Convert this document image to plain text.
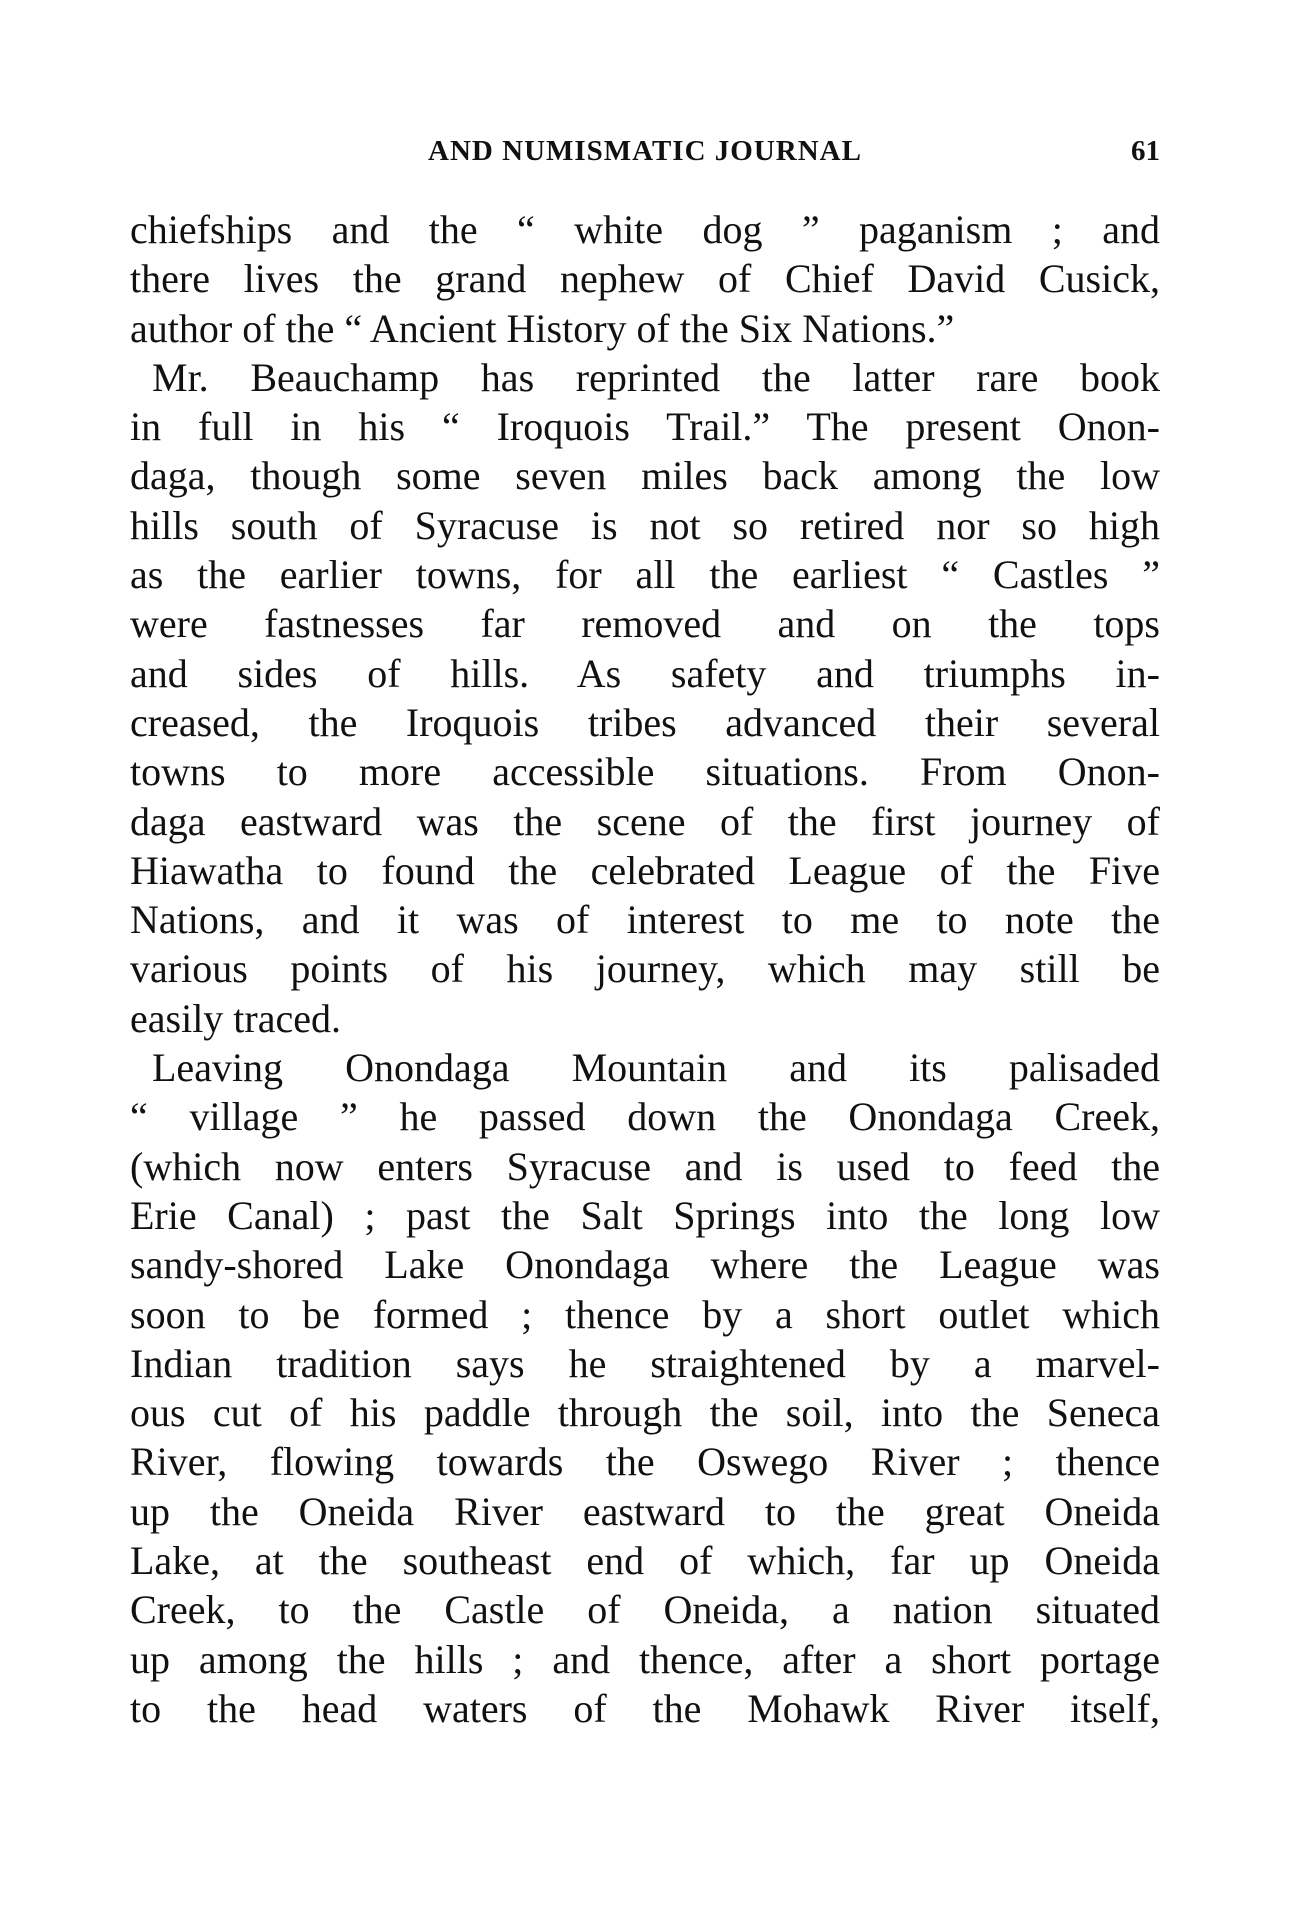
AND NUMISMATIC JOURNAL	61
chiefships and the “ white dog ” paganism ; and
there lives the grand nephew of Chief David Cusick,
author of the “ Ancient History of the Six Nations.”
Mr. Beauchamp has reprinted the latter rare book
in full in his “ Iroquois Trail.” The present Onon-
daga, though some seven miles back among the low
hills south of Syracuse is not so retired nor so high
as the earlier towns, for all the earliest “ Castles ”
were fastnesses far removed and on the tops
and sides of hills. As safety and triumphs in-
creased, the Iroquois tribes advanced their several
towns to more accessible situations. From Onon-
daga eastward was the scene of the first journey of
Hiawatha to found the celebrated League of the Five
Nations, and it was of interest to me to note the
various points of his journey, which may still be
easily traced.
Leaving Onondaga Mountain and its palisaded
“ village ” he passed down the Onondaga Creek,
(which now enters Syracuse and is used to feed the
Erie Canal) ; past the Salt Springs into the long low
sandy-shored Lake Onondaga where the League was
soon to be formed ; thence by a short outlet which
Indian tradition says he straightened by a marvel-
ous cut of his paddle through the soil, into the Seneca
River, flowing towards the Oswego River ; thence
up the Oneida River eastward to the great Oneida
Lake, at the southeast end of which, far up Oneida
Creek, to the Castle of Oneida, a nation situated
up among the hills ; and thence, after a short portage
to the head waters of the Mohawk River itself,
